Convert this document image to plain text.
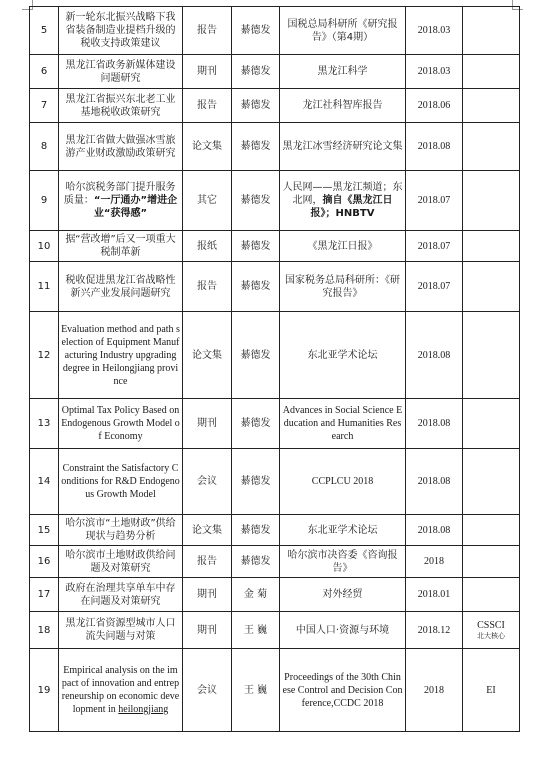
5	新一轮东北振兴战略下我省装备制造业提档升级的税收支持政策建议	报告	綦德发	国税总局科研所《研究报告》（第4期）	2018.03	
6	黑龙江省政务新媒体建设问题研究	期刊	綦德发	黑龙江科学	2018.03	
7	黑龙江省振兴东北老工业基地税收政策研究	报告	綦德发	龙江社科智库报告	2018.06	
8	黑龙江省做大做强冰雪旅游产业财政激励政策研究	论文集	綦德发	黑龙江冰雪经济研究论文集	2018.08	
9	哈尔滨税务部门提升服务质量：“一厅通办”增进企业“获得感”	其它	綦德发	人民网——黑龙江频道；东北网，摘自《黑龙江日报》；HNBTV	2018.07	
10	据“营改增”后又一项重大税制革新	报纸	綦德发	《黑龙江日报》	2018.07	
11	税收促进黑龙江省战略性新兴产业发展问题研究	报告	綦德发	国家税务总局科研所：《研究报告》	2018.07	
12	Evaluation method and path selection of Equipment Manufacturing Industry upgrading degree in Heilongjiang province	论文集	綦德发	东北亚学术论坛	2018.08	
13	Optimal Tax Policy Based on Endogenous Growth Model of Economy	期刊	綦德发	Advances in Social Science Education and Humanities Research	2018.08	
14	Constraint the Satisfactory Conditions for R&D Endogenous Growth Model	会议	綦德发	CCPLCU 2018	2018.08	
15	哈尔滨市“土地财政”供给现状与趋势分析	论文集	綦德发	东北亚学术论坛	2018.08	
16	哈尔滨市土地财政供给问题及对策研究	报告	綦德发	哈尔滨市决咨委《咨询报告》	2018	
17	政府在治理共享单车中存在问题及对策研究	期刊	金 菊	对外经贸	2018.01	
18	黑龙江省资源型城市人口流失问题与对策	期刊	王 巍	中国人口·资源与环境	2018.12	CSSCI
北大核心

19	Empirical analysis on the impact of innovation and entrepreneurship on economic development in heilongjiang	会议	王 巍	Proceedings of the 30th Chinese Control and Decision Conference,CCDC 2018	2018	EI
